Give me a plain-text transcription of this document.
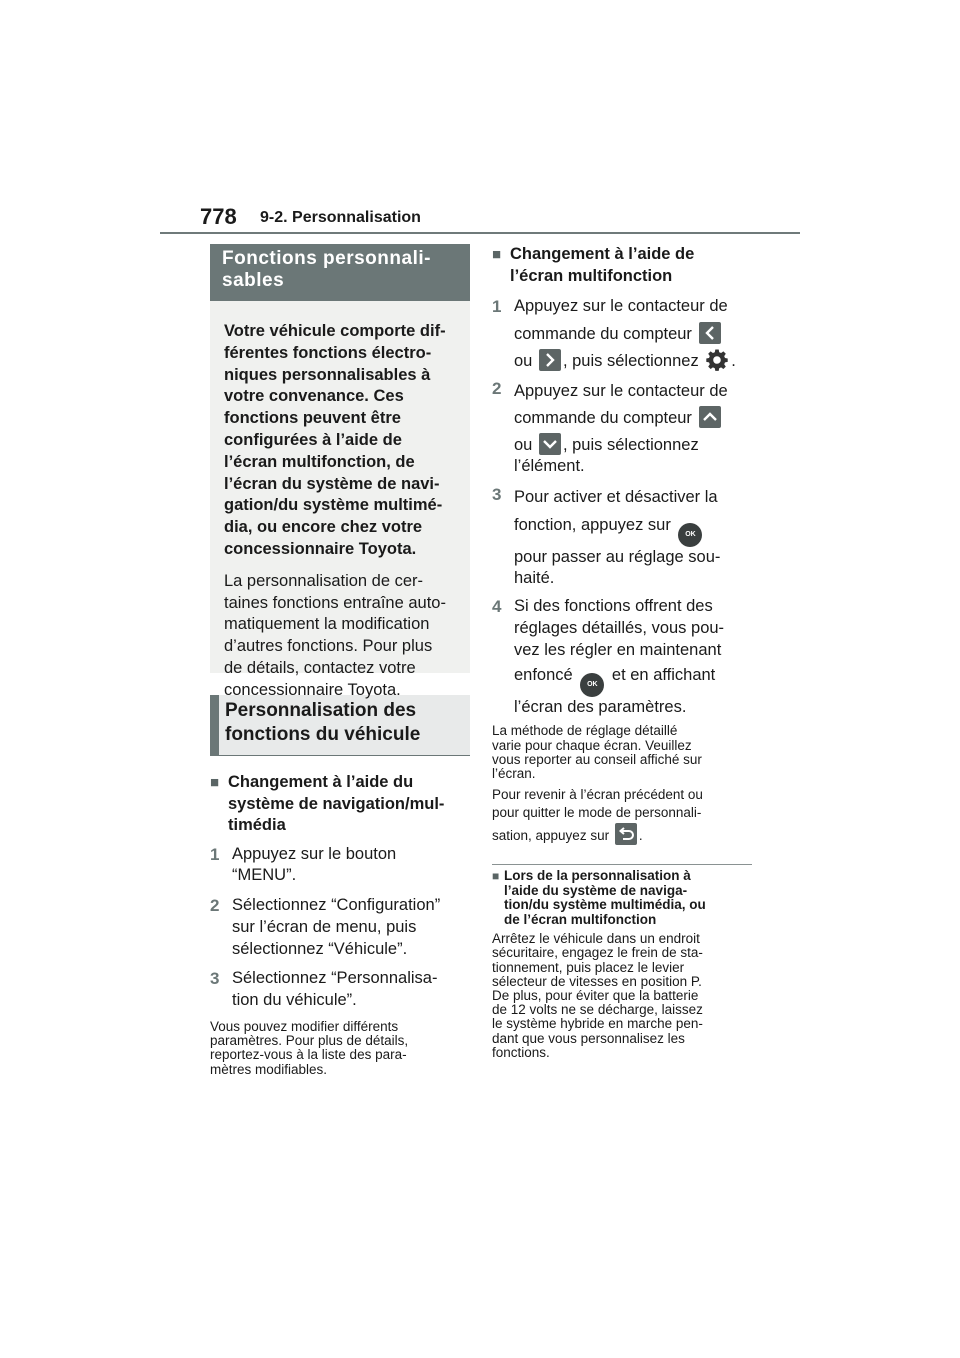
778 9-2. Personnalisation
Fonctions personnali-
sables

Votre véhicule comporte dif-
férentes fonctions électro-
niques personnalisables à
votre convenance. Ces
fonctions peuvent être
configurées à l’aide de
l’écran multifonction, de
l’écran du système de navi-
gation/du système multimé-
dia, ou encore chez votre
concessionnaire Toyota.

La personnalisation de cer-
taines fonctions entraîne auto-
matiquement la modification
d’autres fonctions. Pour plus
de détails, contactez votre
concessionnaire Toyota.

Personnalisation des
fonctions du véhicule
■ Changement à l’aide du
système de navigation/mul-
timédia
1 Appuyez sur le bouton
“MENU”.
2 Sélectionnez “Configuration”
sur l’écran de menu, puis
sélectionnez “Véhicule”.
3 Sélectionnez “Personnalisa-
tion du véhicule”.
Vous pouvez modifier différents
paramètres. Pour plus de détails,
reportez-vous à la liste des para-
mètres modifiables.
■ Changement à l’aide de
l’écran multifonction
1 Appuyez sur le contacteur de
commande du compteur

ou , puis sélectionnez .
2 Appuyez sur le contacteur de
commande du compteur

ou , puis sélectionnez
l’élément.
3 Pour activer et désactiver la
fonction, appuyez sur OK
pour passer au réglage sou-
haité.
4 Si des fonctions offrent des
réglages détaillés, vous pou-
vez les régler en maintenant
enfoncé OK et en affichant
l’écran des paramètres.
La méthode de réglage détaillé
varie pour chaque écran. Veuillez
vous reporter au conseil affiché sur
l’écran.
Pour revenir à l’écran précédent ou
pour quitter le mode de personnali-
sation, appuyez sur .
■ Lors de la personnalisation à
l’aide du système de naviga-
tion/du système multimédia, ou
de l’écran multifonction
Arrêtez le véhicule dans un endroit
sécuritaire, engagez le frein de sta-
tionnement, puis placez le levier
sélecteur de vitesses en position P.
De plus, pour éviter que la batterie
de 12 volts ne se décharge, laissez
le système hybride en marche pen-
dant que vous personnalisez les
fonctions.
